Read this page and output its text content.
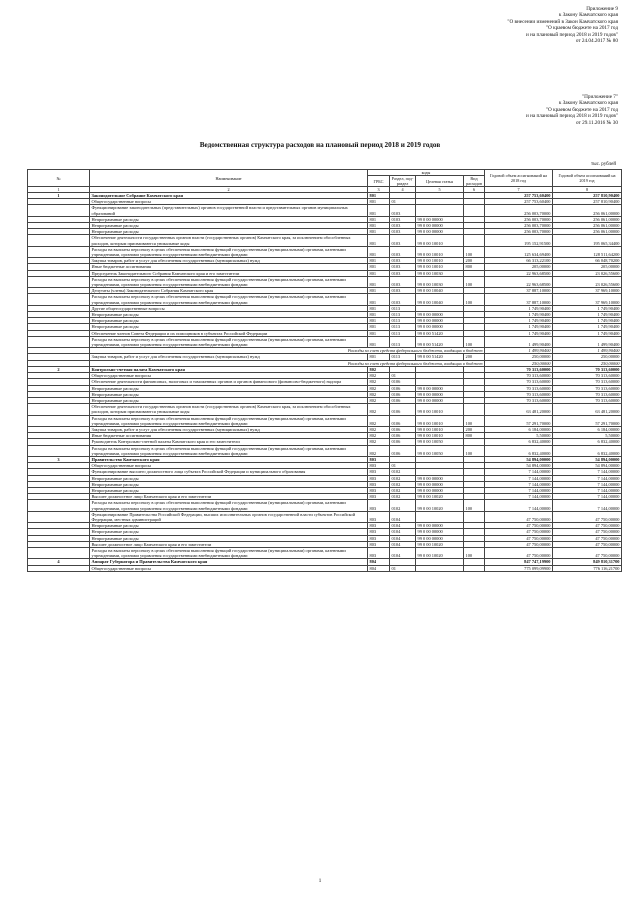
Приложение 9
к Закону Камчатского края
"О внесении изменений в Закон Камчатского края
"О краевом бюджете на 2017 год
и на плановый период 2018 и 2019 годов"
от 24.04.2017 № 80
"Приложение 7"
к Закону Камчатского края
"О краевом бюджете на 2017 год
и на плановый период 2018 и 2019 годов"
от 29.11.2016 № 30
Ведомственная структура расходов на плановый период 2018 и 2019 годов
тыс. рублей
№	Наименование	коды				Годовой объем ассигнований на 2018 год	Годовой объем ассигнований на 2019 год
		ГРБС	Раздел, под-раздел	Целевая статья	Вид расходов		
1	2	3	4	5	6	7	8
1	Законодательное Собрание Камчатского края	801				257 753,60400	257 810,90400
	Общегосударственные вопросы	801	01			257 753,60400	257 810,90400
	Функционирование законодательных (представительных) органов государственной власти и представительных органов муниципальных образований	801	0103			256 003,70000	256 061,00000
	Непрограммные расходы	801	0103	99 0 00 00000		256 003,70000	256 061,00000
	Непрограммные расходы	801	0103	99 0 00 00000		256 003,70000	256 061,00000
	Непрограммные расходы	801	0103	99 0 00 00000		256 003,70000	256 061,00000
	Обеспечение деятельности государственных органов власти (государственных органов) Камчатского края, за исключением обособленных расходов, которым присваиваются уникальные коды	801	0103	99 0 00 10010		195 152,91500	195 065,34400
	Расходы на выплаты персоналу в целях обеспечения выполнения функций государственными (муниципальными) органами, казенными учреждениями, органами управления государственными внебюджетными фондами	801	0103	99 0 00 10010	100	125 634,69400	128 511,64200
	Закупка товаров, работ и услуг для обеспечения государственных (муниципальных) нужд	801	0103	99 0 00 10010	200	66 313,22100	66 048,70200
	Иные бюджетные ассигнования	801	0103	99 0 00 10010	800	205,00000	205,00000
	Председатель Законодательного Собрания Камчатского края и его заместители	801	0103	99 0 00 10030		22 963,68500	23 026,55600
	Расходы на выплаты персоналу в целях обеспечения выполнения функций государственными (муниципальными) органами, казенными учреждениями, органами управления государственными внебюджетными фондами	801	0103	99 0 00 10030	100	22 963,68500	23 026,55600
	Депутаты (члены) Законодательного Собрания Камчатского края	801	0103	99 0 00 10040		37 887,10000	37 969,10000
	Расходы на выплаты персоналу в целях обеспечения выполнения функций государственными (муниципальными) органами, казенными учреждениями, органами управления государственными внебюджетными фондами	801	0103	99 0 00 10040	100	37 887,10000	37 969,10000
	Другие общегосударственные вопросы	801	0113			1 749,90400	1 749,90400
	Непрограммные расходы	801	0113	99 0 00 00000		1 749,90400	1 749,90400
	Непрограммные расходы	801	0113	99 0 00 00000		1 749,90400	1 749,90400
	Непрограммные расходы	801	0113	99 0 00 00000		1 749,90400	1 749,90400
	Обеспечение членов Совета Федерации и их помощников в субъектах Российской Федерации	801	0113	99 0 00 51420		1 749,90400	1 749,90400
	Расходы на выплаты персоналу в целях обеспечения выполнения функций государственными (муниципальными) органами, казенными учреждениями, органами управления государственными внебюджетными фондами	801	0113	99 0 00 51420	100	1 499,90400	1 499,90400
	Расходы за счет средств федерального бюджета, входящих в бюджет					1 499,90400	1 499,90400
	Закупка товаров, работ и услуг для обеспечения государственных (муниципальных) нужд	801	0113	99 0 00 51420	200	250,00000	250,00000
	Расходы за счет средств федерального бюджета, входящих в бюджет					250,00000	250,00000
2	Контрольно-счетная палата Камчатского края	802				70 313,60000	70 313,60000
	Общегосударственные вопросы	802	01			70 313,60000	70 313,60000
	Обеспечение деятельности финансовых, налоговых и таможенных органов и органов финансового (финансово-бюджетного) надзора	802	0106			70 313,60000	70 313,60000
	Непрограммные расходы	802	0106	99 0 00 00000		70 313,60000	70 313,60000
	Непрограммные расходы	802	0106	99 0 00 00000		70 313,60000	70 313,60000
	Непрограммные расходы	802	0106	99 0 00 00000		70 313,60000	70 313,60000
	Обеспечение деятельности государственных органов власти (государственных органов) Камчатского края, за исключением обособленных расходов, которым присваиваются уникальные коды	802	0106	99 0 00 10010		63 481,20000	63 481,20000
	Расходы на выплаты персоналу в целях обеспечения выполнения функций государственными (муниципальными) органами, казенными учреждениями, органами управления государственными внебюджетными фондами	802	0106	99 0 00 10010	100	57 291,70000	57 291,70000
	Закупка товаров, работ и услуг для обеспечения государственных (муниципальных) нужд	802	0106	99 0 00 10010	200	6 184,00000	6 184,00000
	Иные бюджетные ассигнования	802	0106	99 0 00 10010	800	5,50000	5,50000
	Руководитель Контрольно-счетной палаты Камчатского края и его заместители	802	0106	99 0 00 10050		6 832,40000	6 832,40000
	Расходы на выплаты персоналу в целях обеспечения выполнения функций государственными (муниципальными) органами, казенными учреждениями, органами управления государственными внебюджетными фондами	802	0106	99 0 00 10050	100	6 832,40000	6 832,40000
3	Правительство Камчатского края	803				54 894,00000	54 894,00000
	Общегосударственные вопросы	803	01			54 894,00000	54 894,00000
	Функционирование высшего должностного лица субъекта Российской Федерации и муниципального образования	803	0102			7 144,00000	7 144,00000
	Непрограммные расходы	803	0102	99 0 00 00000		7 144,00000	7 144,00000
	Непрограммные расходы	803	0102	99 0 00 00000		7 144,00000	7 144,00000
	Непрограммные расходы	803	0102	99 0 00 00000		7 144,00000	7 144,00000
	Высшее должностное лицо Камчатского края и его заместители	803	0102	99 0 00 10020		7 144,00000	7 144,00000
	Расходы на выплаты персоналу в целях обеспечения выполнения функций государственными (муниципальными) органами, казенными учреждениями, органами управления государственными внебюджетными фондами	803	0102	99 0 00 10020	100	7 144,00000	7 144,00000
	Функционирование Правительства Российской Федерации, высших исполнительных органов государственной власти субъектов Российской Федерации, местных администраций	803	0104			47 750,00000	47 750,00000
	Непрограммные расходы	803	0104	99 0 00 00000		47 750,00000	47 750,00000
	Непрограммные расходы	803	0104	99 0 00 00000		47 750,00000	47 750,00000
	Непрограммные расходы	803	0104	99 0 00 00000		47 750,00000	47 750,00000
	Высшее должностное лицо Камчатского края и его заместители	803	0104	99 0 00 10020		47 750,00000	47 750,00000
	Расходы на выплаты персоналу в целях обеспечения выполнения функций государственными (муниципальными) органами, казенными учреждениями, органами управления государственными внебюджетными фондами	803	0104	99 0 00 10020	100	47 750,00000	47 750,00000
4	Аппарат Губернатора и Правительства Камчатского края	804				847 747,19900	849 810,31700
	Общегосударственные вопросы	804	01			775 099,09900	776 116,21700
1
